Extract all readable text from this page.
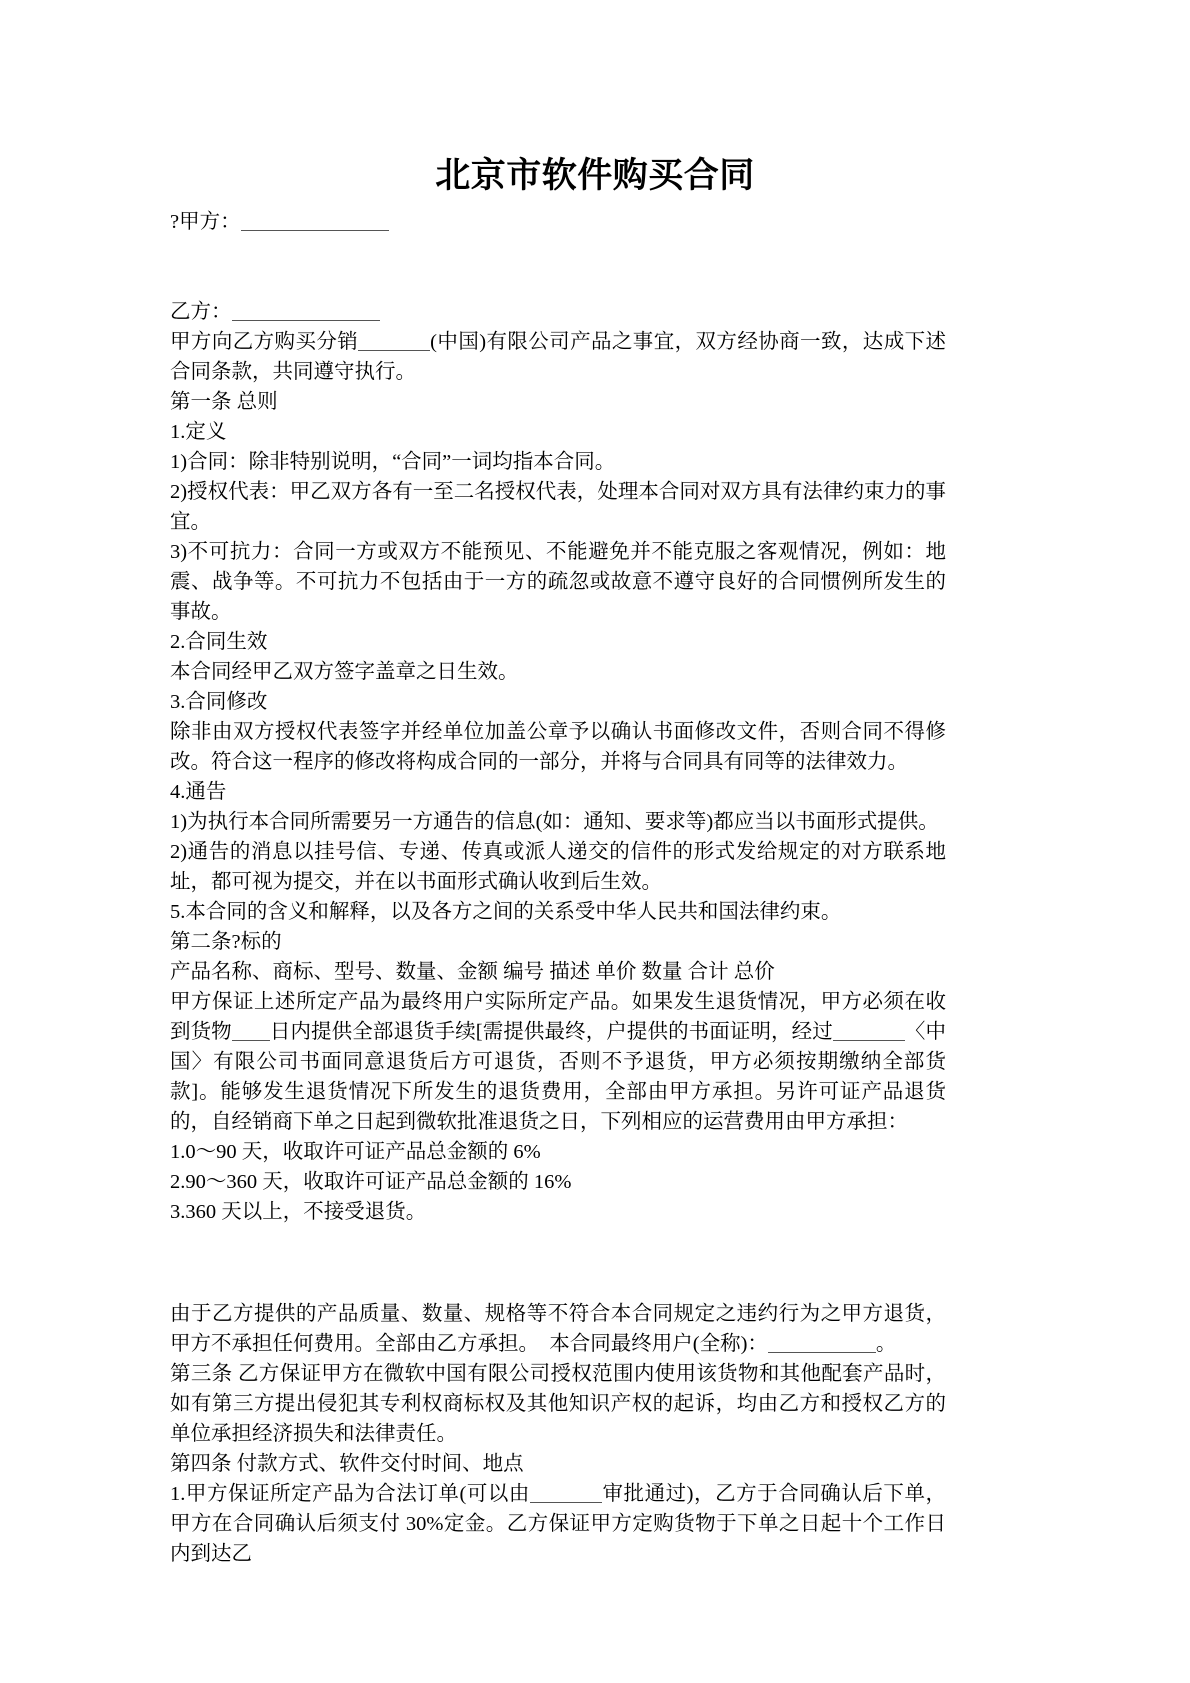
北京市软件购买合同
?甲方：
乙方：
甲方向乙方购买分销	(中国)有限公司产品之事宜，双方经协商一致，达成下述合同条款，共同遵守执行。
第一条 总则
1.定义
1)合同：除非特别说明，“合同”一词均指本合同。
2)授权代表：甲乙双方各有一至二名授权代表，处理本合同对双方具有法律约束力的事宜。
3)不可抗力：合同一方或双方不能预见、不能避免并不能克服之客观情况，例如：地震、战争等。不可抗力不包括由于一方的疏忽或故意不遵守良好的合同惯例所发生的事故。
2.合同生效
本合同经甲乙双方签字盖章之日生效。
3.合同修改
除非由双方授权代表签字并经单位加盖公章予以确认书面修改文件，否则合同不得修改。符合这一程序的修改将构成合同的一部分，并将与合同具有同等的法律效力。
4.通告
1)为执行本合同所需要另一方通告的信息(如：通知、要求等)都应当以书面形式提供。
2)通告的消息以挂号信、专递、传真或派人递交的信件的形式发给规定的对方联系地址，都可视为提交，并在以书面形式确认收到后生效。
5.本合同的含义和解释，以及各方之间的关系受中华人民共和国法律约束。
第二条?标的
产品名称、商标、型号、数量、金额 编号 描述 单价 数量 合计 总价
甲方保证上述所定产品为最终用户实际所定产品。如果发生退货情况，甲方必须在收到货物 日内提供全部退货手续[需提供最终，户提供的书面证明，经过	〈中国〉有限公司书面同意退货后方可退货，否则不予退货，甲方必须按期缴纳全部货款]。能够发生退货情况下所发生的退货费用，全部由甲方承担。另许可证产品退货的，自经销商下单之日起到微软批准退货之日，下列相应的运营费用由甲方承担：
1.0～90 天，收取许可证产品总金额的 6%
2.90～360 天，收取许可证产品总金额的 16%
3.360 天以上，不接受退货。
由于乙方提供的产品质量、数量、规格等不符合本合同规定之违约行为之甲方退货，甲方不承担任何费用。全部由乙方承担。　本合同最终用户(全称)：	。
第三条 乙方保证甲方在微软中国有限公司授权范围内使用该货物和其他配套产品时，如有第三方提出侵犯其专利权商标权及其他知识产权的起诉，均由乙方和授权乙方的单位承担经济损失和法律责任。
第四条 付款方式、软件交付时间、地点
1.甲方保证所定产品为合法订单(可以由	审批通过)，乙方于合同确认后下单，甲方在合同确认后须支付 30%定金。乙方保证甲方定购货物于下单之日起十个工作日内到达乙
